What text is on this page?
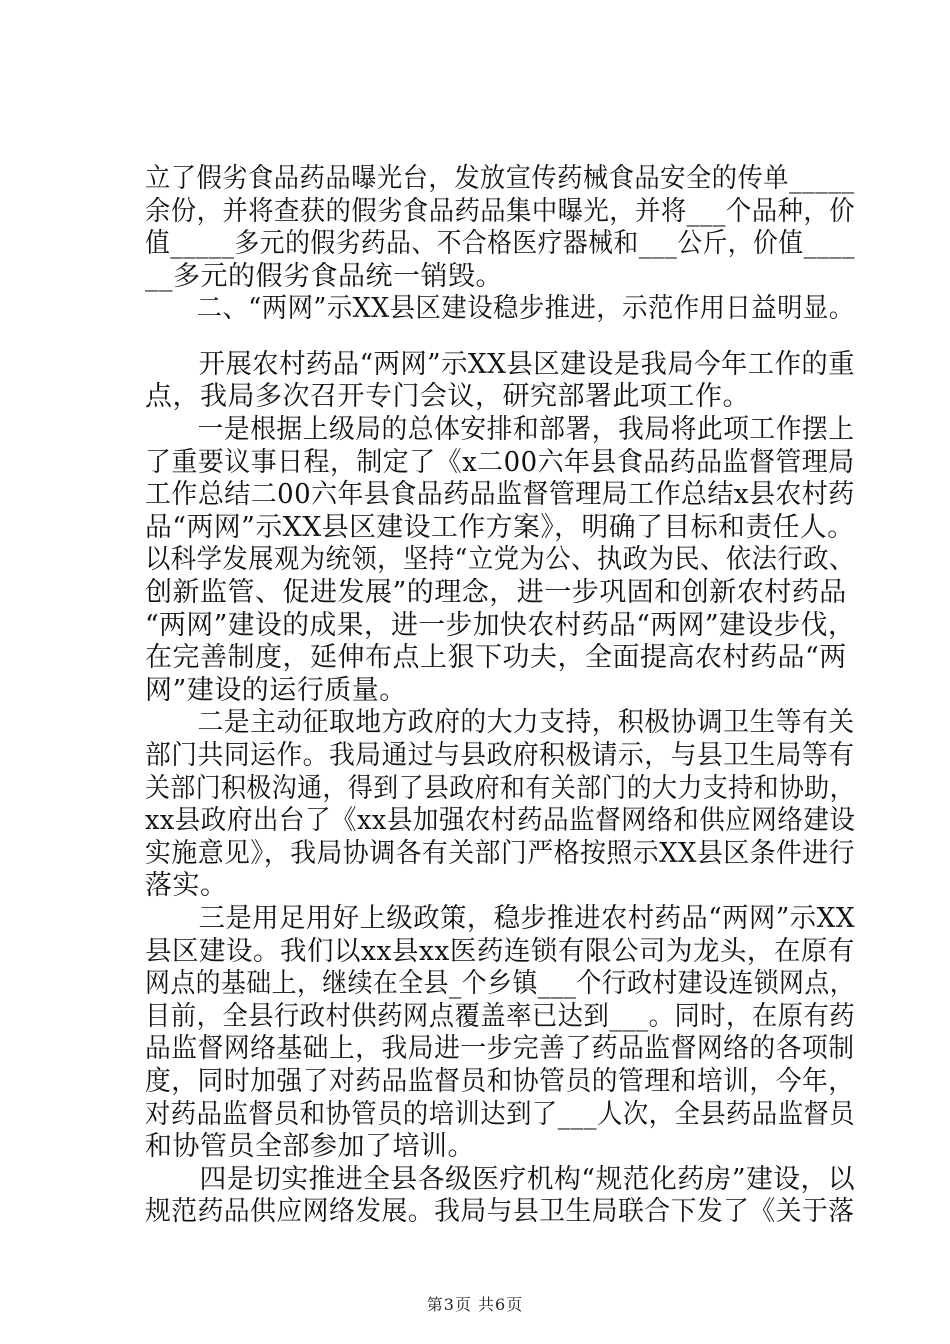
立了假劣食品药品曝光台，发放宣传药械食品安全的传单_____
余份，并将查获的假劣食品药品集中曝光，并将___个品种，价
值_____多元的假劣药品、不合格医疗器械和___公斤，价值____
__多元的假劣食品统一销毁。
　　二、“两网”示XX县区建设稳步推进，示范作用日益明显。
　　开展农村药品“两网”示XX县区建设是我局今年工作的重
点，我局多次召开专门会议，研究部署此项工作。
　　一是根据上级局的总体安排和部署，我局将此项工作摆上
了重要议事日程，制定了《x二00六年县食品药品监督管理局
工作总结二00六年县食品药品监督管理局工作总结x县农村药
品“两网”示XX县区建设工作方案》，明确了目标和责任人。
以科学发展观为统领，坚持“立党为公、执政为民、依法行政、
创新监管、促进发展”的理念，进一步巩固和创新农村药品
“两网”建设的成果，进一步加快农村药品“两网”建设步伐，
在完善制度，延伸布点上狠下功夫，全面提高农村药品“两
网”建设的运行质量。
　　二是主动征取地方政府的大力支持，积极协调卫生等有关
部门共同运作。我局通过与县政府积极请示，与县卫生局等有
关部门积极沟通，得到了县政府和有关部门的大力支持和协助，
xx县政府出台了《xx县加强农村药品监督网络和供应网络建设
实施意见》，我局协调各有关部门严格按照示XX县区条件进行
落实。
　　三是用足用好上级政策，稳步推进农村药品“两网”示XX
县区建设。我们以xx县xx医药连锁有限公司为龙头，在原有
网点的基础上，继续在全县_个乡镇___个行政村建设连锁网点，
目前，全县行政村供药网点覆盖率已达到___。同时，在原有药
品监督网络基础上，我局进一步完善了药品监督网络的各项制
度，同时加强了对药品监督员和协管员的管理和培训，今年，
对药品监督员和协管员的培训达到了___人次，全县药品监督员
和协管员全部参加了培训。
　　四是切实推进全县各级医疗机构“规范化药房”建设，以
规范药品供应网络发展。我局与县卫生局联合下发了《关于落
第3页 共6页
